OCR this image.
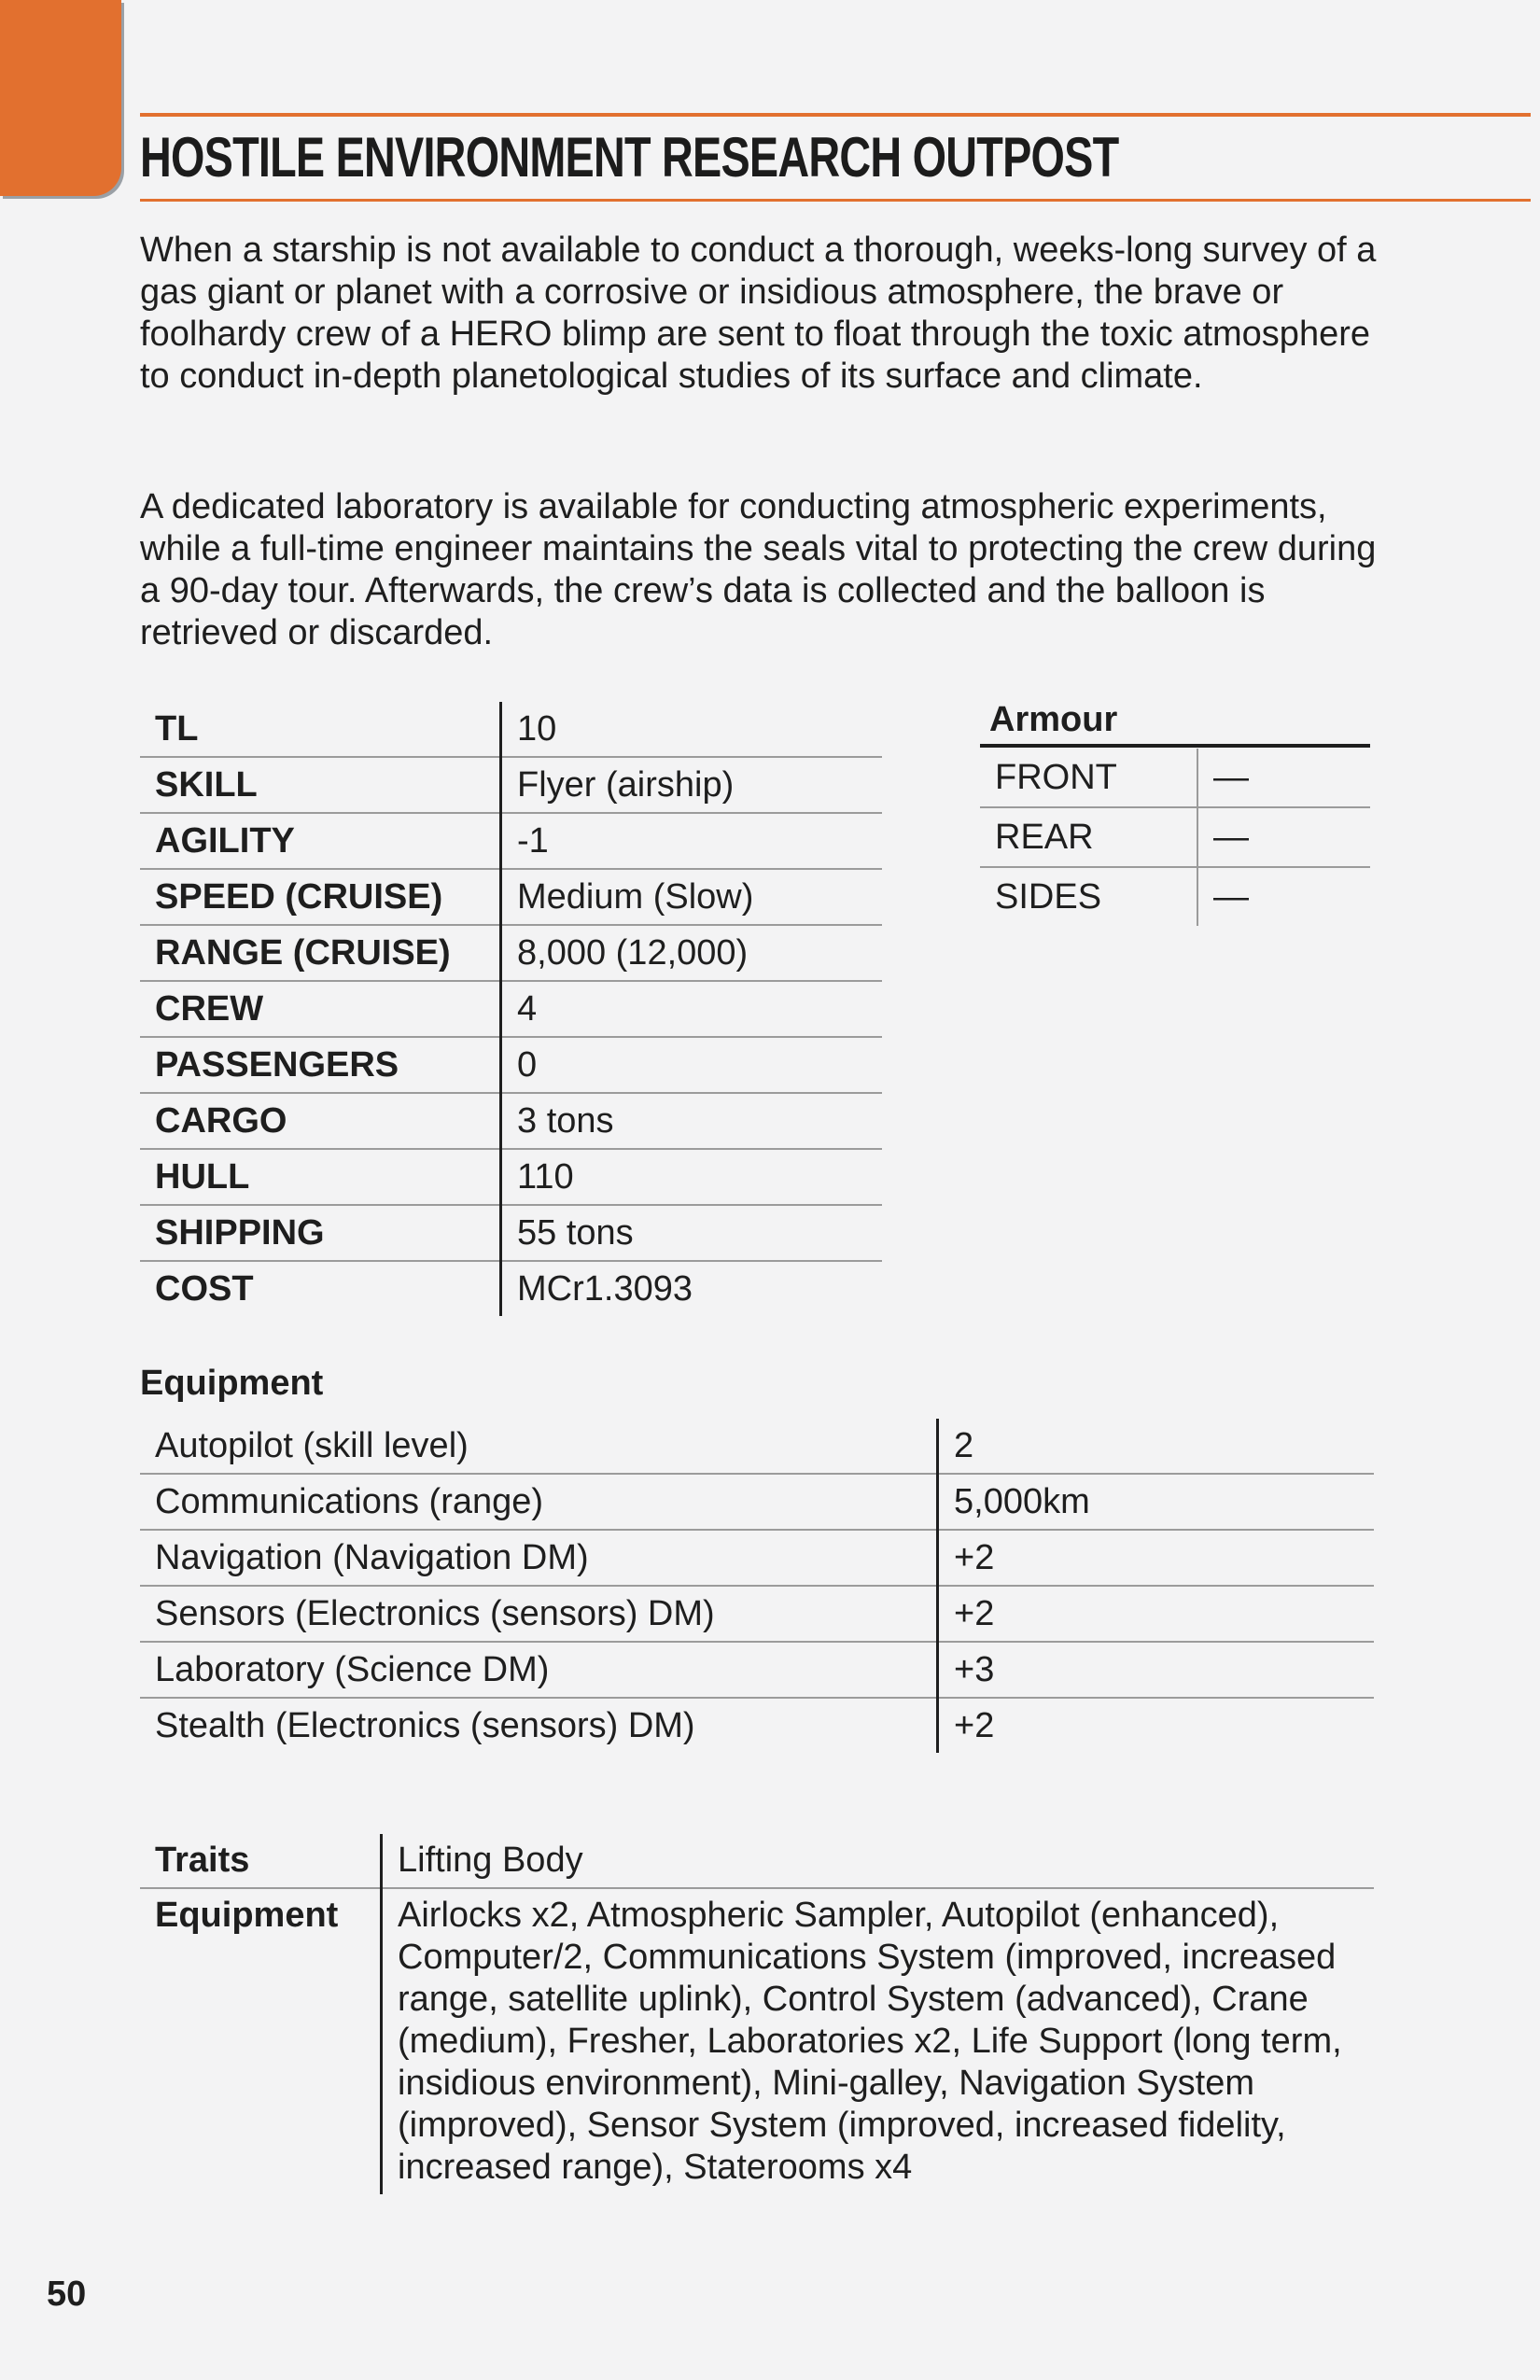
HOSTILE ENVIRONMENT RESEARCH OUTPOST

When a starship is not available to conduct a thorough, weeks-long survey of a gas giant or planet with a corrosive or insidious atmosphere, the brave or foolhardy crew of a HERO blimp are sent to float through the toxic atmosphere to conduct in-depth planetological studies of its surface and climate.

A dedicated laboratory is available for conducting atmospheric experiments, while a full-time engineer maintains the seals vital to protecting the crew during a 90-day tour. Afterwards, the crew’s data is collected and the balloon is retrieved or discarded.

TL	10
SKILL	Flyer (airship)
AGILITY	-1
SPEED (CRUISE)	Medium (Slow)
RANGE (CRUISE)	8,000 (12,000)
CREW	4
PASSENGERS	0
CARGO	3 tons
HULL	110
SHIPPING	55 tons
COST	MCr1.3093
Armour
FRONT	—
REAR	—
SIDES	—
Equipment
Autopilot (skill level)	2
Communications (range)	5,000km
Navigation (Navigation DM)	+2
Sensors (Electronics (sensors) DM)	+2
Laboratory (Science DM)	+3
Stealth (Electronics (sensors) DM)	+2
Traits	Lifting Body
Equipment	Airlocks x2, Atmospheric Sampler, Autopilot (enhanced), Computer/2, Communications System (improved, increased range, satellite uplink), Control System (advanced), Crane (medium), Fresher, Laboratories x2, Life Support (long term, insidious environment), Mini-galley, Navigation System (improved), Sensor System (improved, increased fidelity, increased range), Staterooms x4
50
